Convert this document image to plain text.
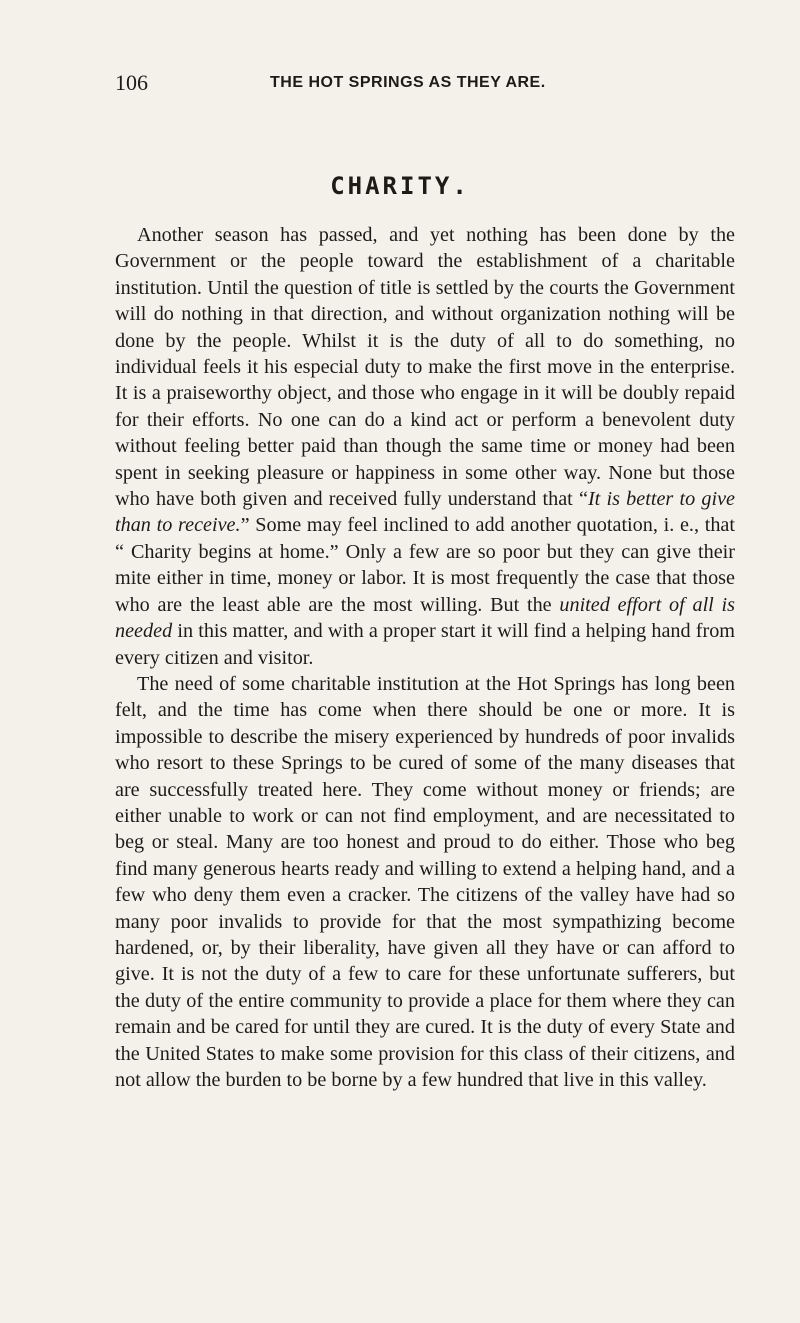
106	THE HOT SPRINGS AS THEY ARE.
CHARITY.

Another season has passed, and yet nothing has been done by the Government or the people toward the establishment of a charitable institution. Until the question of title is settled by the courts the Government will do nothing in that direction, and without organization nothing will be done by the people. Whilst it is the duty of all to do something, no individual feels it his especial duty to make the first move in the enterprise. It is a praiseworthy object, and those who engage in it will be doubly repaid for their efforts. No one can do a kind act or perform a benevolent duty without feeling better paid than though the same time or money had been spent in seeking pleasure or happiness in some other way. None but those who have both given and received fully understand that “It is better to give than to receive.” Some may feel inclined to add another quotation, i. e., that “ Charity begins at home.” Only a few are so poor but they can give their mite either in time, money or labor. It is most frequently the case that those who are the least able are the most willing. But the united effort of all is needed in this matter, and with a proper start it will find a helping hand from every citizen and visitor.

The need of some charitable institution at the Hot Springs has long been felt, and the time has come when there should be one or more. It is impossible to describe the misery experienced by hundreds of poor invalids who resort to these Springs to be cured of some of the many diseases that are successfully treated here. They come without money or friends; are either unable to work or can not find employment, and are necessitated to beg or steal. Many are too honest and proud to do either. Those who beg find many generous hearts ready and willing to extend a helping hand, and a few who deny them even a cracker. The citizens of the valley have had so many poor invalids to provide for that the most sympathizing become hardened, or, by their liberality, have given all they have or can afford to give. It is not the duty of a few to care for these unfortunate sufferers, but the duty of the entire community to provide a place for them where they can remain and be cared for until they are cured. It is the duty of every State and the United States to make some provision for this class of their citizens, and not allow the burden to be borne by a few hundred that live in this valley.
